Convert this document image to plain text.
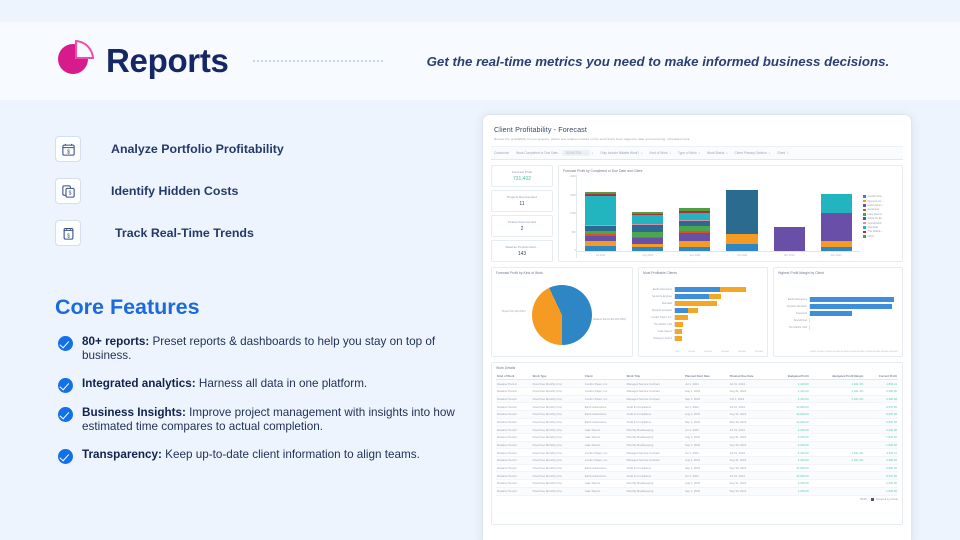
Reports	Get the real-time metrics you need to make informed business decisions.
$	Analyze Portfolio Profitability
$	Identify Hidden Costs
$	Track Real-Time Trends
Core Features
80+ reports: Preset reports & dashboards to help you stay on top of business.
Integrated analytics: Harness all data in one platform.
Business Insights: Improve project management with insights into how estimated time compares to actual completion.
Transparency: Keep up-to-date client information to align teams.
Client Profitability - Forecast
Review the profitability of your projects, tickets and retainers based on the work that's been logged to date and upcoming, scheduled work.
Customize Work Completed or Due Date...	2024/07/01 - ...	▾ Only Include Billable Work? ▾ Kind of Work ▾ Type of Work ▾ Work Status ▾ Client Primary Division ▾ Client ▾
Forecast Profit
731,402
Projects Represented
11
Tickets Represented
2
Retainer Periods Repr...
143
Forecast Profit by Completed or Due Date and Client
200K
150K
100K
50K
0
Jul 2024	Aug 2024	Sep 2024	Oct 2024	Nov 2024	Dec 2024
Conifer Pap...
Dynamic Ac...
Earth Adven...
Facebook
Lake Savers
Santa Fe En...
Soundcloud
Standard
The Marble ...
Other
Forecast Profit by Kind of Work
Project 311,120 (43%)
Retainer Period 404,915 (56%)
Most Profitable Clients
Earth Adventures
Santa Fe Engines
Standard
Dynamic Aerotech
Conifer Paper, Inc.
The Marble Yard
Lake Savers
Delaney's Farms
0.00	50,000	100,000	150,000	200,000	250,000
Highest Profit Margin by Client
Earth Adventures
Dynamic Aerotech
Facebook
Soundcloud
The Marble Yard
0.00% 10.00% 20.00% 30.00% 40.00% 50.00% 60.00% 70.00% 80.00% 90.00% 100.00%
Work Details
Kind of Work	Work Type	Client	Work Title	Planned Start Date	Planned Due Date	Budgeted Profit	Budgeted Profit Margin	Current Profit
Retainer Period	Fixed Fee Monthly (Inv)	Conifer Paper, Inc.	Managed Service Contract	Jul 1, 2024	Jul 31, 2024	4,410.00	1,041.3%	1,834.11
Retainer Period	Fixed Fee Monthly (Inv)	Conifer Paper, Inc.	Managed Service Contract	Aug 1, 2024	Aug 31, 2024	4,410.00	1,041.3%	3,390.00
Retainer Period	Fixed Fee Monthly (Inv)	Conifer Paper, Inc.	Managed Service Contract	Sep 1, 2024	Oct 1, 2024	4,410.00	1,041.3%	3,392.00
Retainer Period	Fixed Fee Monthly (Inv)	Earth Adventures	Audit & Compliance	Jul 1, 2024	Jul 31, 2024	10,200.00		9,370.00
Retainer Period	Fixed Fee Monthly (Inv)	Earth Adventures	Audit & Compliance	Aug 1, 2024	Aug 31, 2024	10,200.00		8,670.00
Retainer Period	Fixed Fee Monthly (Inv)	Earth Adventures	Audit & Compliance	Sep 1, 2024	Sep 30, 2024	10,200.00		8,830.00
Retainer Period	Fixed Fee Monthly (Inv)	Lake Savers	Monthly Bookkeeping	Jul 1, 2024	Jul 31, 2024	2,230.00		2,230.00
Retainer Period	Fixed Fee Monthly (Inv)	Lake Savers	Monthly Bookkeeping	Aug 1, 2024	Aug 31, 2024	2,230.00		1,830.00
Retainer Period	Fixed Fee Monthly (Inv)	Lake Savers	Monthly Bookkeeping	Sep 1, 2024	Sep 30, 2024	2,230.00		1,630.00
Retainer Period	Fixed Fee Monthly (Inv)	Conifer Paper, Inc.	Managed Service Contract	Jul 1, 2024	Jul 31, 2024	4,410.00	1,041.3%	3,394.11
Retainer Period	Fixed Fee Monthly (Inv)	Conifer Paper, Inc.	Managed Service Contract	Aug 1, 2024	Aug 31, 2024	4,410.00	1,041.3%	3,390.00
Retainer Period	Fixed Fee Monthly (Inv)	Earth Adventures	Audit & Compliance	Sep 1, 2024	Sep 30, 2024	10,200.00		8,830.00
Retainer Period	Fixed Fee Monthly (Inv)	Earth Adventures	Audit & Compliance	Jul 1, 2024	Jul 31, 2024	10,200.00		8,370.00
Retainer Period	Fixed Fee Monthly (Inv)	Lake Savers	Monthly Bookkeeping	Aug 1, 2024	Aug 31, 2024	2,230.00		2,230.00
Retainer Period	Fixed Fee Monthly (Inv)	Lake Savers	Monthly Bookkeeping	Sep 1, 2024	Sep 30, 2024	2,230.00		1,630.00
99.8%	Powered by Accelo
